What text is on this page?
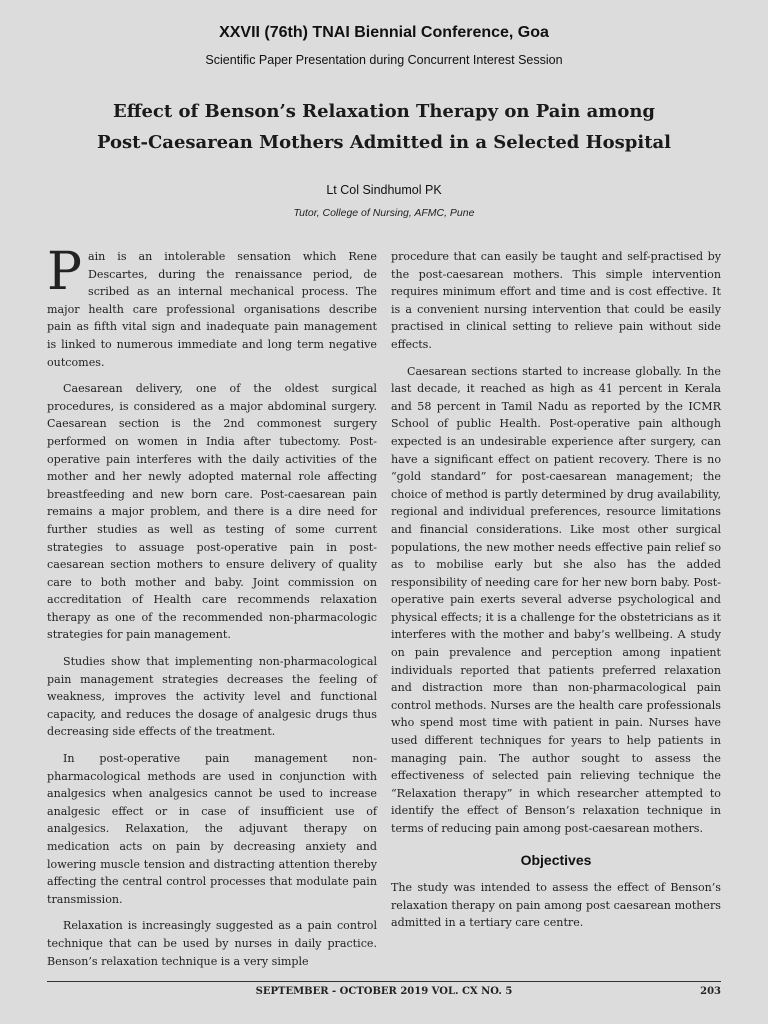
XXVII (76th) TNAI Biennial Conference, Goa
Scientific Paper Presentation during Concurrent Interest Session
Effect of Benson’s Relaxation Therapy on Pain among
Post-Caesarean Mothers Admitted in a Selected Hospital
Lt Col Sindhumol PK
Tutor, College of Nursing, AFMC, Pune

Pain is an intolerable sensation which Rene Descartes, during the renaissance period, de scribed as an internal mechanical process. The major health care professional organisations describe pain as fifth vital sign and inadequate pain management is linked to numerous immediate and long term negative outcomes.

Caesarean delivery, one of the oldest surgical procedures, is considered as a major abdominal surgery. Caesarean section is the 2nd commonest surgery performed on women in India after tubectomy. Post-operative pain interferes with the daily activities of the mother and her newly adopted maternal role affecting breastfeeding and new born care. Post-caesarean pain remains a major problem, and there is a dire need for further studies as well as testing of some current strategies to assuage post-operative pain in post-caesarean section mothers to ensure delivery of quality care to both mother and baby. Joint commission on accreditation of Health care recommends relaxation therapy as one of the recommended non-pharmacologic strategies for pain management.

Studies show that implementing non-pharmacological pain management strategies decreases the feeling of weakness, improves the activity level and functional capacity, and reduces the dosage of analgesic drugs thus decreasing side effects of the treatment.

In post-operative pain management non-pharmacological methods are used in conjunction with analgesics when analgesics cannot be used to increase analgesic effect or in case of insufficient use of analgesics. Relaxation, the adjuvant therapy on medication acts on pain by decreasing anxiety and lowering muscle tension and distracting attention thereby affecting the central control processes that modulate pain transmission.

Relaxation is increasingly suggested as a pain control technique that can be used by nurses in daily practice. Benson’s relaxation technique is a very simple

procedure that can easily be taught and self-practised by the post-caesarean mothers. This simple intervention requires minimum effort and time and is cost effective. It is a convenient nursing intervention that could be easily practised in clinical setting to relieve pain without side effects.

Caesarean sections started to increase globally. In the last decade, it reached as high as 41 percent in Kerala and 58 percent in Tamil Nadu as reported by the ICMR School of public Health. Post-operative pain although expected is an undesirable experience after surgery, can have a significant effect on patient recovery. There is no “gold standard” for post-caesarean management; the choice of method is partly determined by drug availability, regional and individual preferences, resource limitations and financial considerations. Like most other surgical populations, the new mother needs effective pain relief so as to mobilise early but she also has the added responsibility of needing care for her new born baby. Post-operative pain exerts several adverse psychological and physical effects; it is a challenge for the obstetricians as it interferes with the mother and baby’s wellbeing. A study on pain prevalence and perception among inpatient individuals reported that patients preferred relaxation and distraction more than non-pharmacological pain control methods. Nurses are the health care professionals who spend most time with patient in pain. Nurses have used different techniques for years to help patients in managing pain. The author sought to assess the effectiveness of selected pain relieving technique the “Relaxation therapy” in which researcher attempted to identify the effect of Benson’s relaxation technique in terms of reducing pain among post-caesarean mothers.

Objectives

The study was intended to assess the effect of Benson’s relaxation therapy on pain among post caesarean mothers admitted in a tertiary care centre.

SEPTEMBER - OCTOBER 2019 VOL. CX NO. 5	203
